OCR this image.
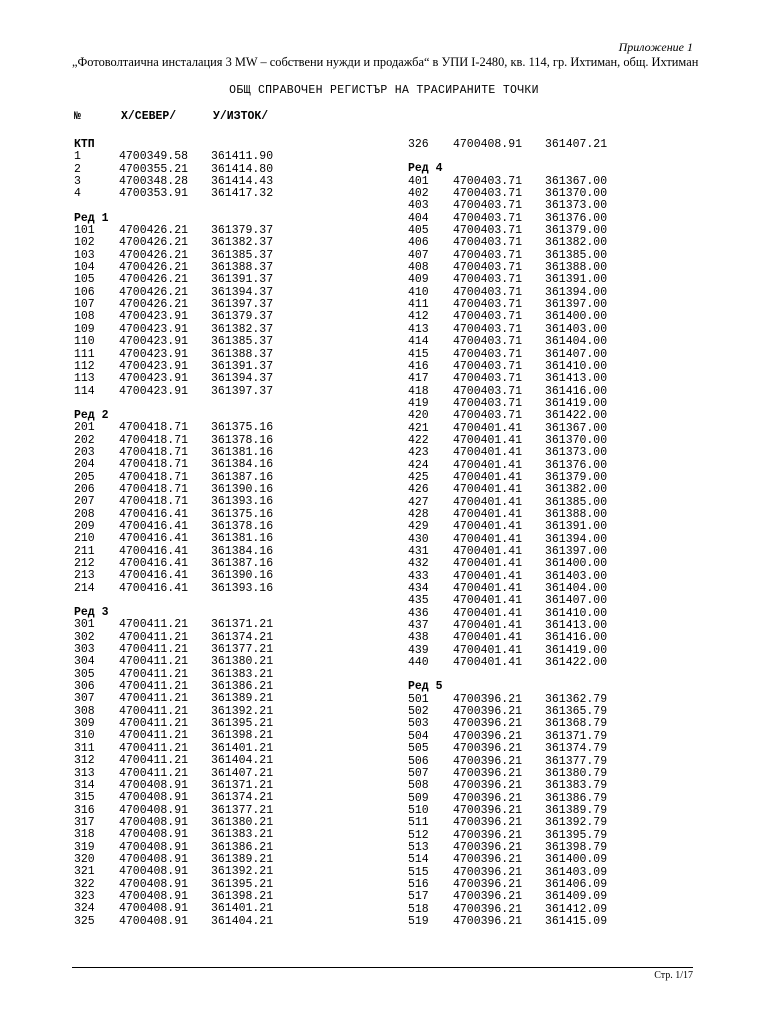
Приложение 1
„Фотоволтаична инсталация 3 MW – собствени нужди и продажба“ в УПИ I-2480, кв. 114, гр. Ихтиман, общ. Ихтиман
ОБЩ СПРАВОЧЕН РЕГИСТЪР НА ТРАСИРАНИТЕ ТОЧКИ
№	X/СЕВЕР/	У/ИЗТОК/
КТП
1	4700349.58 361411.90
2	4700355.21 361414.80
3	4700348.28 361414.43
4	4700353.91 361417.32
Ред 1
101 4700426.21 361379.37
102 4700426.21 361382.37
103 4700426.21 361385.37
104 4700426.21 361388.37
105 4700426.21 361391.37
106 4700426.21 361394.37
107 4700426.21 361397.37
108 4700423.91 361379.37
109 4700423.91 361382.37
110 4700423.91 361385.37
111 4700423.91 361388.37
112 4700423.91 361391.37
113 4700423.91 361394.37
114 4700423.91 361397.37
Ред 2
201 4700418.71 361375.16
202 4700418.71 361378.16
203 4700418.71 361381.16
204 4700418.71 361384.16
205 4700418.71 361387.16
206 4700418.71 361390.16
207 4700418.71 361393.16
208 4700416.41 361375.16
209 4700416.41 361378.16
210 4700416.41 361381.16
211 4700416.41 361384.16
212 4700416.41 361387.16
213 4700416.41 361390.16
214 4700416.41 361393.16
Ред 3
301 4700411.21 361371.21
302 4700411.21 361374.21
303 4700411.21 361377.21
304 4700411.21 361380.21
305 4700411.21 361383.21
306 4700411.21 361386.21
307 4700411.21 361389.21
308 4700411.21 361392.21
309 4700411.21 361395.21
310 4700411.21 361398.21
311 4700411.21 361401.21
312 4700411.21 361404.21
313 4700411.21 361407.21
314 4700408.91 361371.21
315 4700408.91 361374.21
316 4700408.91 361377.21
317 4700408.91 361380.21
318 4700408.91 361383.21
319 4700408.91 361386.21
320 4700408.91 361389.21
321 4700408.91 361392.21
322 4700408.91 361395.21
323 4700408.91 361398.21
324 4700408.91 361401.21
325 4700408.91 361404.21
326 4700408.91 361407.21
Ред 4
401 4700403.71 361367.00
402 4700403.71 361370.00
403 4700403.71 361373.00
404 4700403.71 361376.00
405 4700403.71 361379.00
406 4700403.71 361382.00
407 4700403.71 361385.00
408 4700403.71 361388.00
409 4700403.71 361391.00
410 4700403.71 361394.00
411 4700403.71 361397.00
412 4700403.71 361400.00
413 4700403.71 361403.00
414 4700403.71 361404.00
415 4700403.71 361407.00
416 4700403.71 361410.00
417 4700403.71 361413.00
418 4700403.71 361416.00
419 4700403.71 361419.00
420 4700403.71 361422.00
421 4700401.41 361367.00
422 4700401.41 361370.00
423 4700401.41 361373.00
424 4700401.41 361376.00
425 4700401.41 361379.00
426 4700401.41 361382.00
427 4700401.41 361385.00
428 4700401.41 361388.00
429 4700401.41 361391.00
430 4700401.41 361394.00
431 4700401.41 361397.00
432 4700401.41 361400.00
433 4700401.41 361403.00
434 4700401.41 361404.00
435 4700401.41 361407.00
436 4700401.41 361410.00
437 4700401.41 361413.00
438 4700401.41 361416.00
439 4700401.41 361419.00
440 4700401.41 361422.00
Ред 5
501 4700396.21 361362.79
502 4700396.21 361365.79
503 4700396.21 361368.79
504 4700396.21 361371.79
505 4700396.21 361374.79
506 4700396.21 361377.79
507 4700396.21 361380.79
508 4700396.21 361383.79
509 4700396.21 361386.79
510 4700396.21 361389.79
511 4700396.21 361392.79
512 4700396.21 361395.79
513 4700396.21 361398.79
514 4700396.21 361400.09
515 4700396.21 361403.09
516 4700396.21 361406.09
517 4700396.21 361409.09
518 4700396.21 361412.09
519 4700396.21 361415.09
Стр. 1/17
